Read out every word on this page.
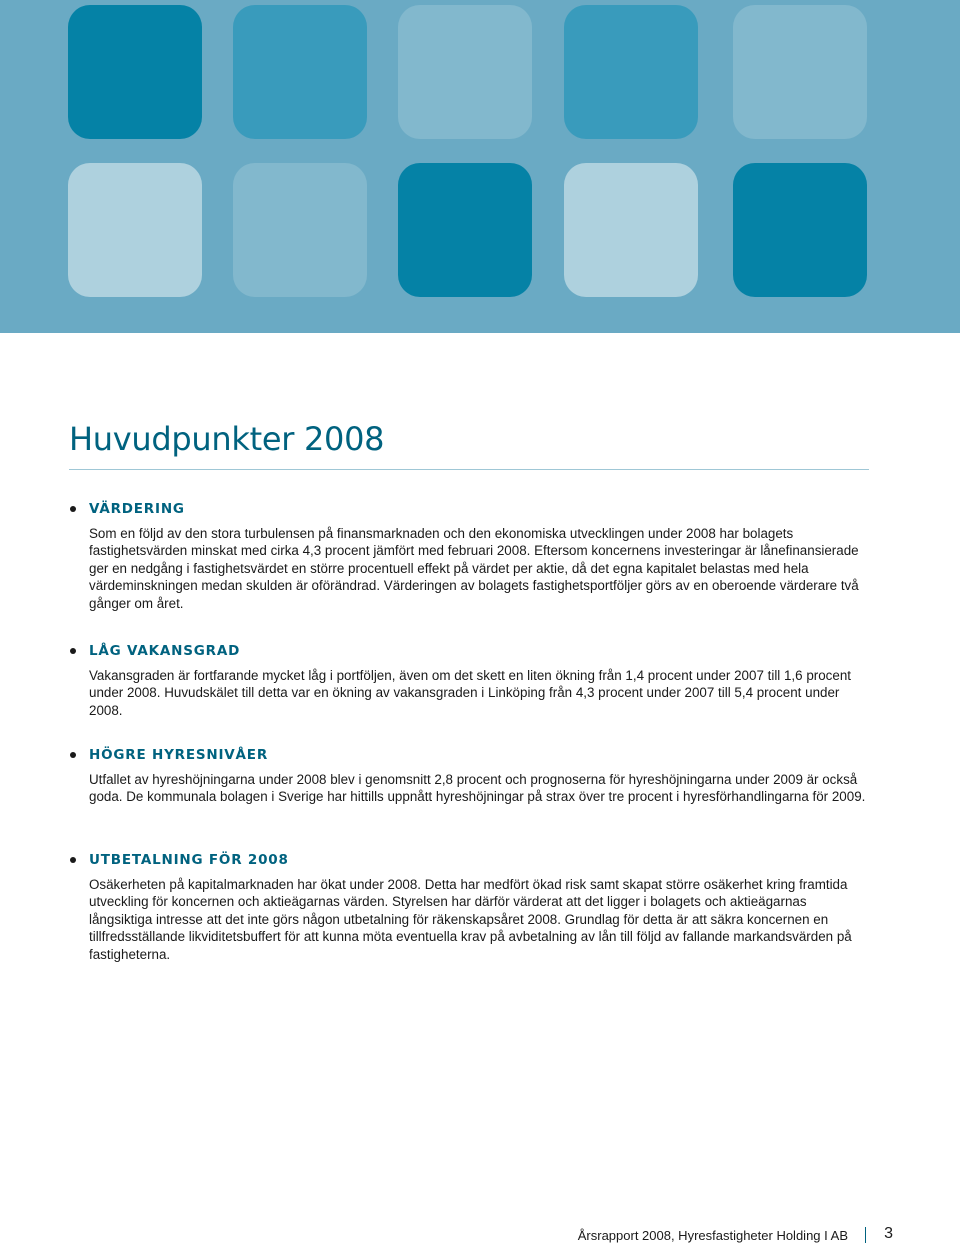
Huvudpunkter 2008
VÄRDERING

Som en följd av den stora turbulensen på finansmarknaden och den ekonomiska utvecklingen under 2008 har bolagets fastighetsvärden minskat med cirka 4,3 procent jämfört med februari 2008. Eftersom koncernens investeringar är lånefinansierade ger en nedgång i fastighetsvärdet en större procentuell effekt på värdet per aktie, då det egna kapitalet belastas med hela värdeminskningen medan skulden är oförändrad. Värderingen av bolagets fastighetsportföljer görs av en oberoende värderare två gånger om året.

LÅG VAKANSGRAD

Vakansgraden är fortfarande mycket låg i portföljen, även om det skett en liten ökning från 1,4 procent under 2007 till 1,6 procent under 2008. Huvudskälet till detta var en ökning av vakansgraden i Linköping från 4,3 procent under 2007 till 5,4 procent under 2008.

HÖGRE HYRESNIVÅER

Utfallet av hyreshöjningarna under 2008 blev i genomsnitt 2,8 procent och prognoserna för hyreshöjningarna under 2009 är också goda. De kommunala bolagen i Sverige har hittills uppnått hyreshöjningar på strax över tre procent i hyresförhandlingarna för 2009.

UTBETALNING FÖR 2008

Osäkerheten på kapitalmarknaden har ökat under 2008. Detta har medfört ökad risk samt skapat större osäkerhet kring framtida utveckling för koncernen och aktieägarnas värden. Styrelsen har därför värderat att det ligger i bolagets och aktieägarnas långsiktiga intresse att det inte görs någon utbetalning för räkenskapsåret 2008. Grundlag för detta är att säkra koncernen en tillfredsställande likviditetsbuffert för att kunna möta eventuella krav på avbetalning av lån till följd av fallande markandsvärden på fastigheterna.

Årsrapport 2008, Hyresfastigheter Holding I AB 3
